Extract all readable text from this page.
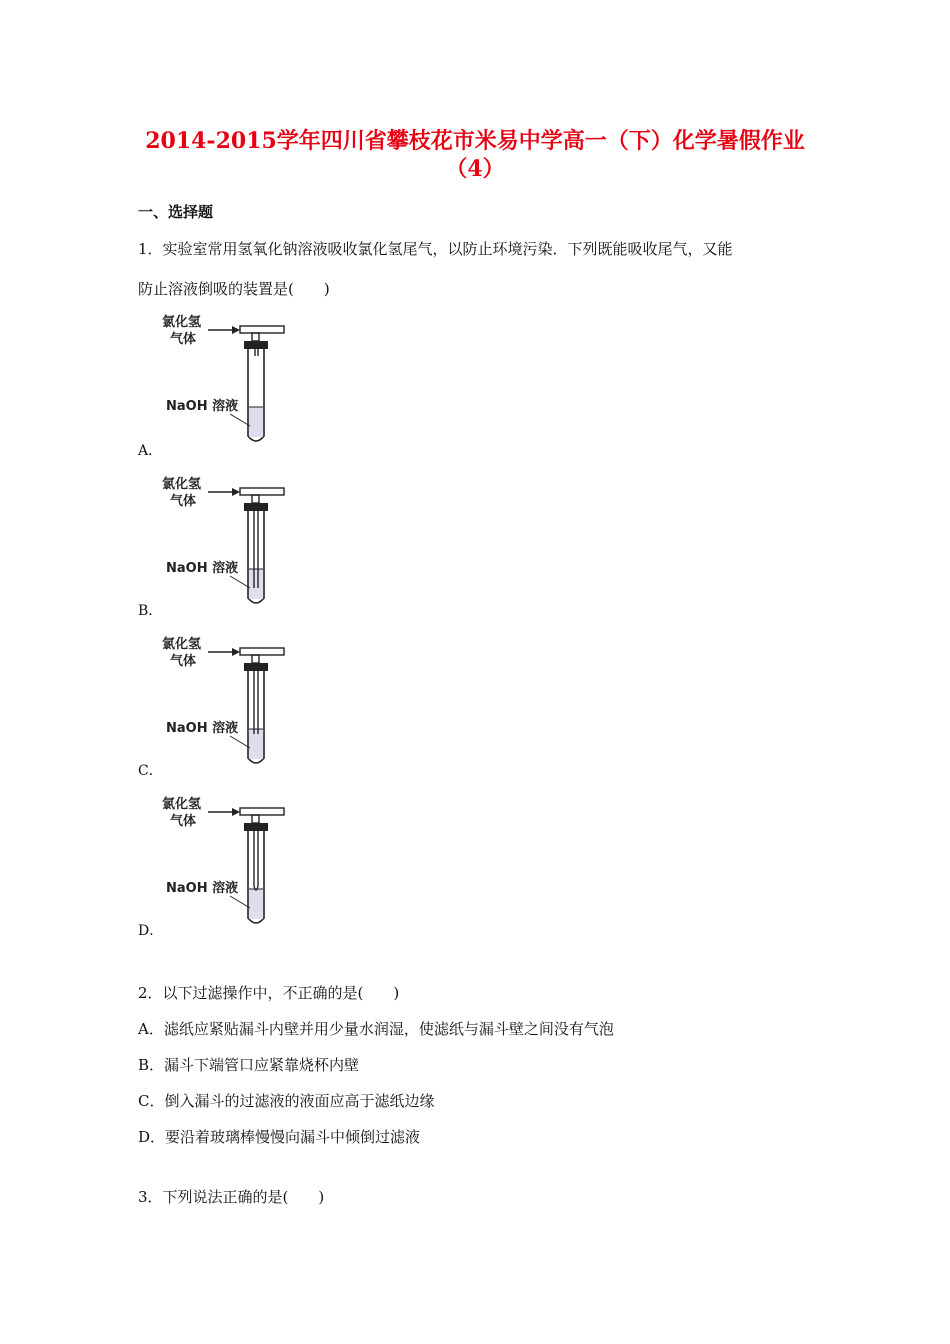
2014-2015学年四川省攀枝花市米易中学高一（下）化学暑假作业
（4）
一、选择题
1．实验室常用氢氧化钠溶液吸收氯化氢尾气，以防止环境污染．下列既能吸收尾气，又能
防止溶液倒吸的装置是(　　)
氯化氢
气体
NaOH 溶液
A．
氯化氢
气体
NaOH 溶液
B．
氯化氢
气体
NaOH 溶液
C．
氯化氢
气体
NaOH 溶液
D．
2．以下过滤操作中，不正确的是(　　)
A．滤纸应紧贴漏斗内壁并用少量水润湿，使滤纸与漏斗壁之间没有气泡
B．漏斗下端管口应紧靠烧杯内壁
C．倒入漏斗的过滤液的液面应高于滤纸边缘
D．要沿着玻璃棒慢慢向漏斗中倾倒过滤液
3．下列说法正确的是(　　)
